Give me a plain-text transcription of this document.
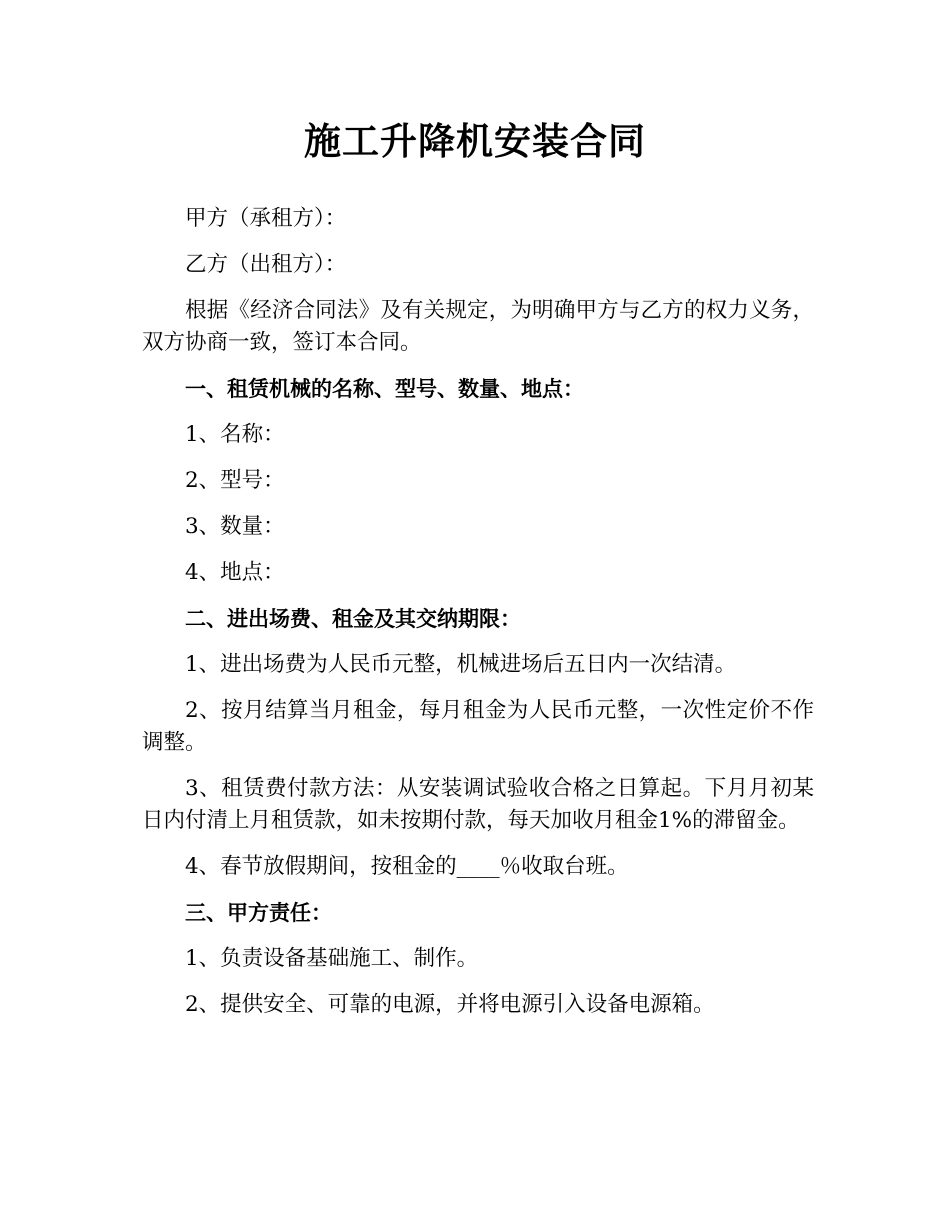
施工升降机安装合同

甲方（承租方）：

乙方（出租方）：

根据《经济合同法》及有关规定，为明确甲方与乙方的权力义务，双方协商一致，签订本合同。

一、租赁机械的名称、型号、数量、地点：

1、名称：

2、型号：

3、数量：

4、地点：

二、进出场费、租金及其交纳期限：

1、进出场费为人民币元整，机械进场后五日内一次结清。

2、按月结算当月租金，每月租金为人民币元整，一次性定价不作调整。

3、租赁费付款方法：从安装调试验收合格之日算起。下月月初某日内付清上月租赁款，如未按期付款，每天加收月租金1%的滞留金。

4、春节放假期间，按租金的____％收取台班。

三、甲方责任：

1、负责设备基础施工、制作。

2、提供安全、可靠的电源，并将电源引入设备电源箱。
